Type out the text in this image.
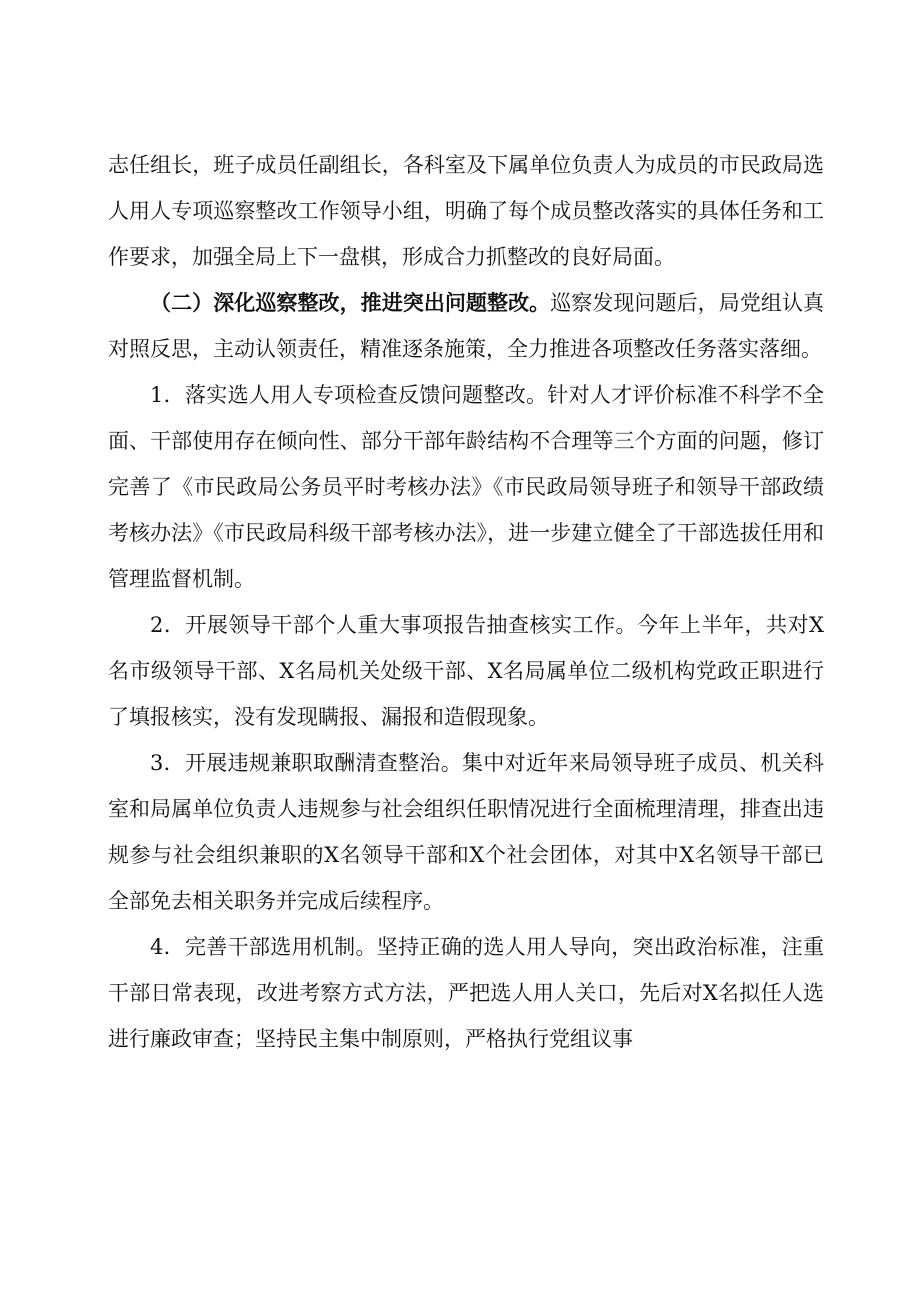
志任组长，班子成员任副组长，各科室及下属单位负责人为成员的市民政局选人用人专项巡察整改工作领导小组，明确了每个成员整改落实的具体任务和工作要求，加强全局上下一盘棋，形成合力抓整改的良好局面。

（二）深化巡察整改，推进突出问题整改。巡察发现问题后，局党组认真对照反思，主动认领责任，精准逐条施策，全力推进各项整改任务落实落细。

1．落实选人用人专项检查反馈问题整改。针对人才评价标准不科学不全面、干部使用存在倾向性、部分干部年龄结构不合理等三个方面的问题，修订完善了《市民政局公务员平时考核办法》《市民政局领导班子和领导干部政绩考核办法》《市民政局科级干部考核办法》，进一步建立健全了干部选拔任用和管理监督机制。

2．开展领导干部个人重大事项报告抽查核实工作。今年上半年，共对X名市级领导干部、X名局机关处级干部、X名局属单位二级机构党政正职进行了填报核实，没有发现瞒报、漏报和造假现象。

3．开展违规兼职取酬清查整治。集中对近年来局领导班子成员、机关科室和局属单位负责人违规参与社会组织任职情况进行全面梳理清理，排查出违规参与社会组织兼职的X名领导干部和X个社会团体，对其中X名领导干部已全部免去相关职务并完成后续程序。

4．完善干部选用机制。坚持正确的选人用人导向，突出政治标准，注重干部日常表现，改进考察方式方法，严把选人用人关口，先后对X名拟任人选进行廉政审查；坚持民主集中制原则，严格执行党组议事
